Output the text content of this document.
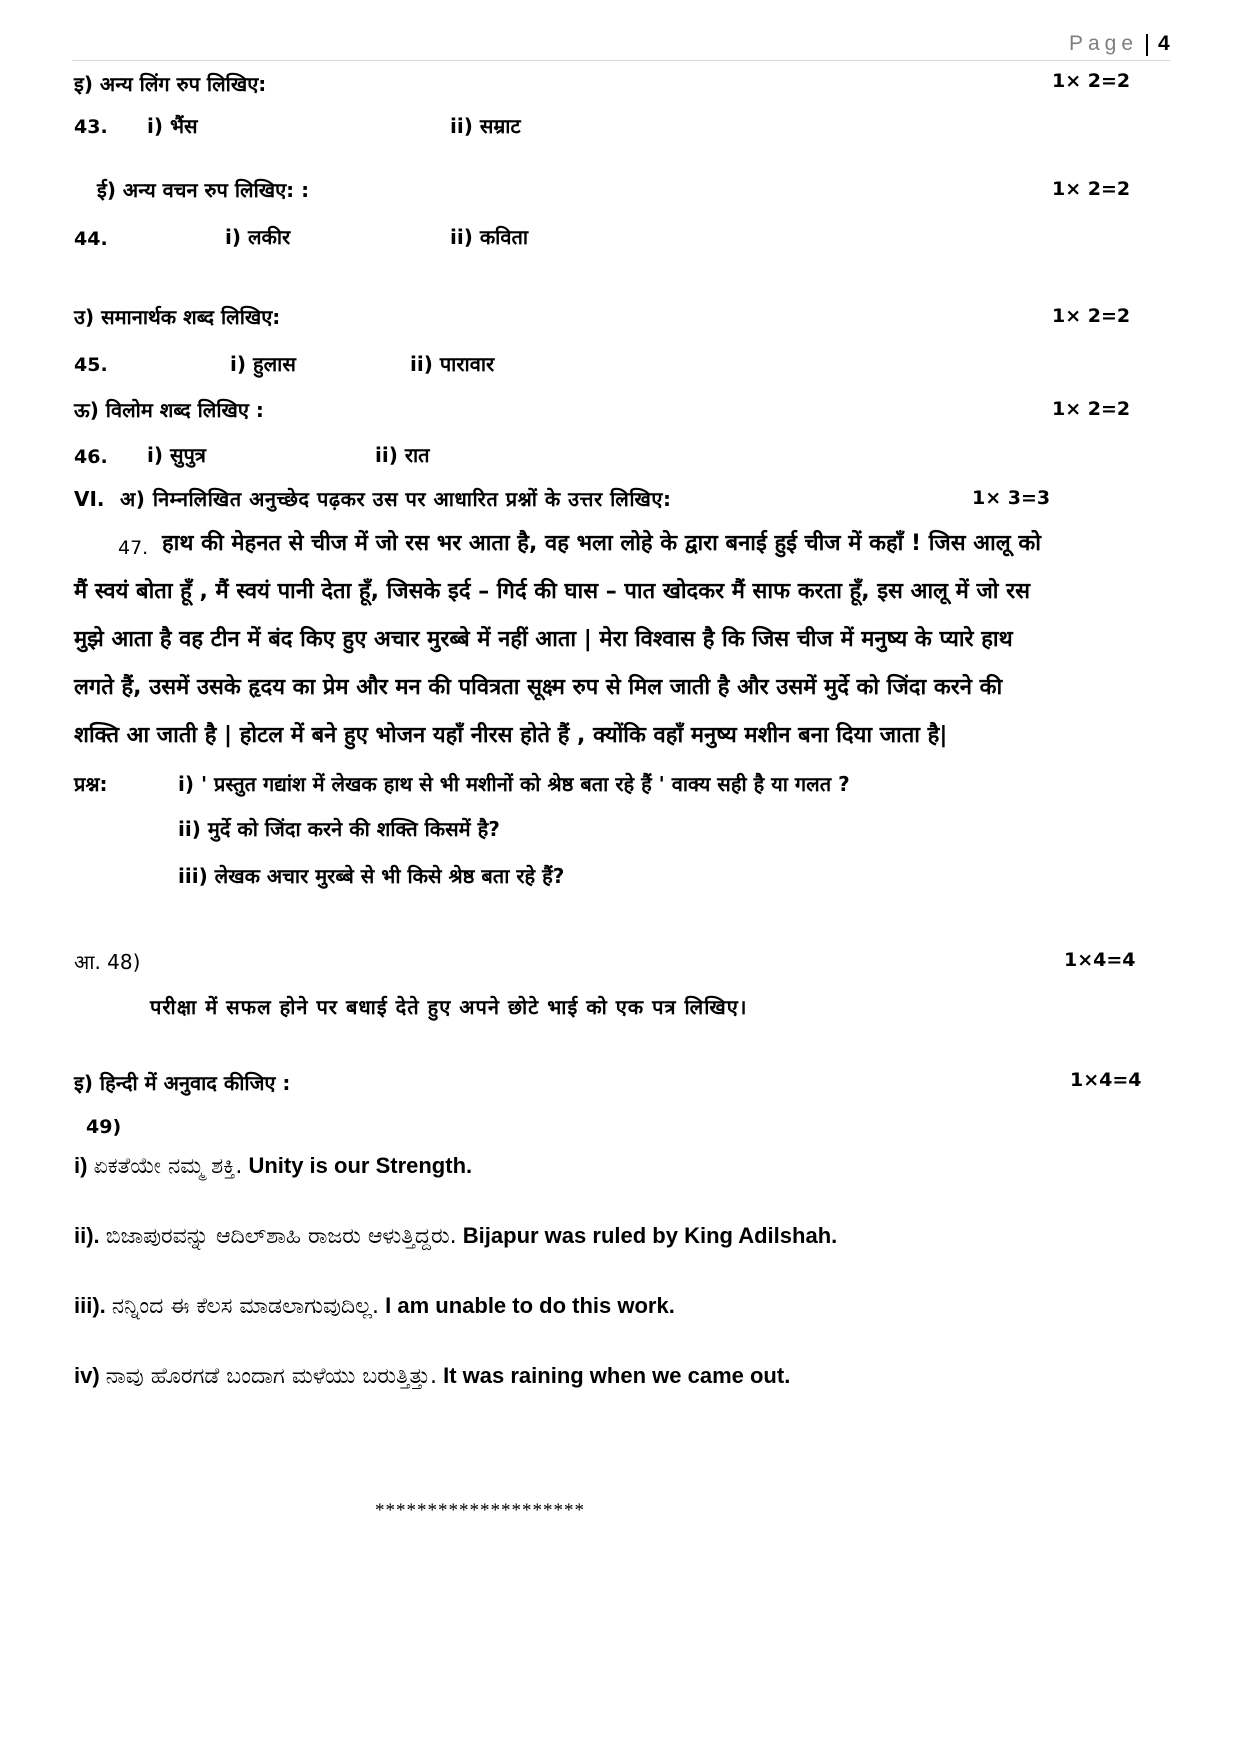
Page 4
इ) अन्य लिंग रुप लिखिए:	1× 2=2
43. i) भैंस	ii) सम्राट
ई) अन्य वचन रुप लिखिए: :	1× 2=2
44.	i) लकीर	ii) कविता
उ) समानार्थक शब्द लिखिए:	1× 2=2
45.	i) हुलास	ii) पारावार
ऊ) विलोम शब्द लिखिए :	1× 2=2
46. i) सुपुत्र	ii) रात
VI. अ) निम्नलिखित अनुच्छेद पढ़कर उस पर आधारित प्रश्नों के उत्तर लिखिए:	1× 3=3
47. हाथ की मेहनत से चीज में जो रस भर आता है, वह भला लोहे के द्वारा बनाई हुई चीज में कहाँ ! जिस आलू को
मैं स्वयं बोता हूँ , मैं स्वयं पानी देता हूँ, जिसके इर्द – गिर्द की घास – पात खोदकर मैं साफ करता हूँ, इस आलू में जो रस
मुझे आता है वह टीन में बंद किए हुए अचार मुरब्बे में नहीं आता | मेरा विश्वास है कि जिस चीज में मनुष्य के प्यारे हाथ
लगते हैं, उसमें उसके हृदय का प्रेम और मन की पवित्रता सूक्ष्म रुप से मिल जाती है और उसमें मुर्दे को जिंदा करने की
शक्ति आ जाती है | होटल में बने हुए भोजन यहाँ नीरस होते हैं , क्योंकि वहाँ मनुष्य मशीन बना दिया जाता है|
प्रश्न:	i) ' प्रस्तुत गद्यांश में लेखक हाथ से भी मशीनों को श्रेष्ठ बता रहे हैं ' वाक्य सही है या गलत ?
ii) मुर्दे को जिंदा करने की शक्ति किसमें है?
iii) लेखक अचार मुरब्बे से भी किसे श्रेष्ठ बता रहे हैं?
आ. 48)	1×4=4
परीक्षा में सफल होने पर बधाई देते हुए अपने छोटे भाई को एक पत्र लिखिए।
इ) हिन्दी में अनुवाद कीजिए :	1×4=4
49)
i) ಏಕತೆಯೇ ನಮ್ಮ ಶಕ್ತಿ. Unity is our Strength.
ii). ಬಿಜಾಪುರವನ್ನು ಆದಿಲ್‌ಶಾಹಿ ರಾಜರು ಆಳುತ್ತಿದ್ದರು. Bijapur was ruled by King Adilshah.
iii). ನನ್ನಿಂದ ಈ ಕೆಲಸ ಮಾಡಲಾಗುವುದಿಲ್ಲ. I am unable to do this work.
iv) ನಾವು ಹೊರಗಡೆ ಬಂದಾಗ ಮಳೆಯು ಬರುತ್ತಿತ್ತು. It was raining when we came out.
********************
